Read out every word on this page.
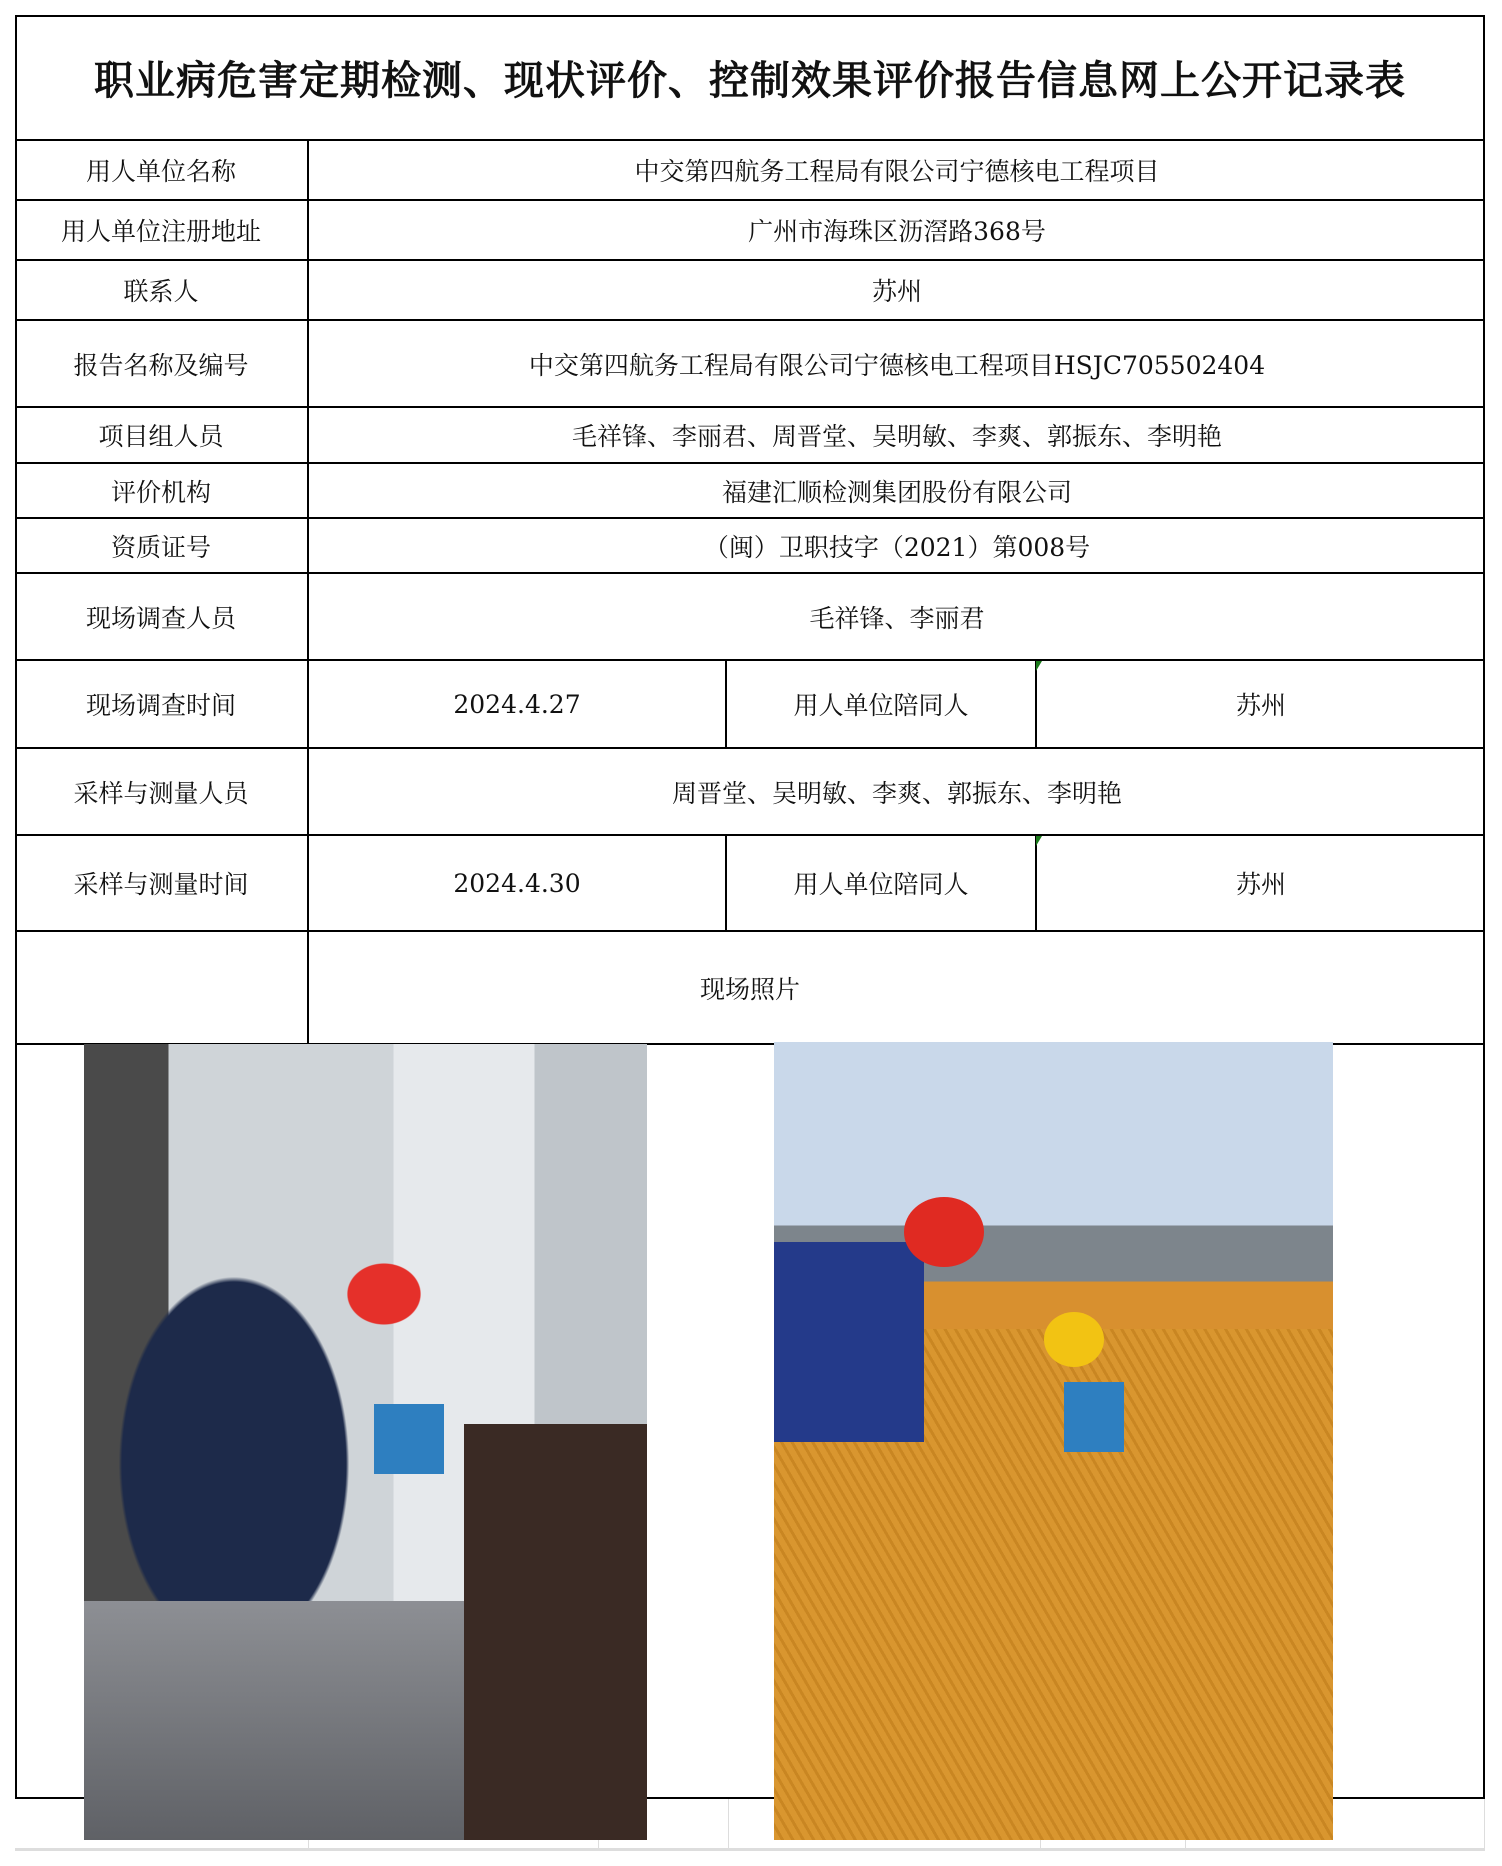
职业病危害定期检测、现状评价、控制效果评价报告信息网上公开记录表
用人单位名称	中交第四航务工程局有限公司宁德核电工程项目
用人单位注册地址	广州市海珠区沥滘路368号
联系人	苏州
报告名称及编号	中交第四航务工程局有限公司宁德核电工程项目HSJC705502404
项目组人员	毛祥锋、李丽君、周晋堂、吴明敏、李爽、郭振东、李明艳
评价机构	福建汇顺检测集团股份有限公司
资质证号	（闽）卫职技字（2021）第008号
现场调查人员	毛祥锋、李丽君
现场调查时间	2024.4.27	用人单位陪同人	苏州
采样与测量人员	周晋堂、吴明敏、李爽、郭振东、李明艳
采样与测量时间	2024.4.30	用人单位陪同人	苏州
现场照片
